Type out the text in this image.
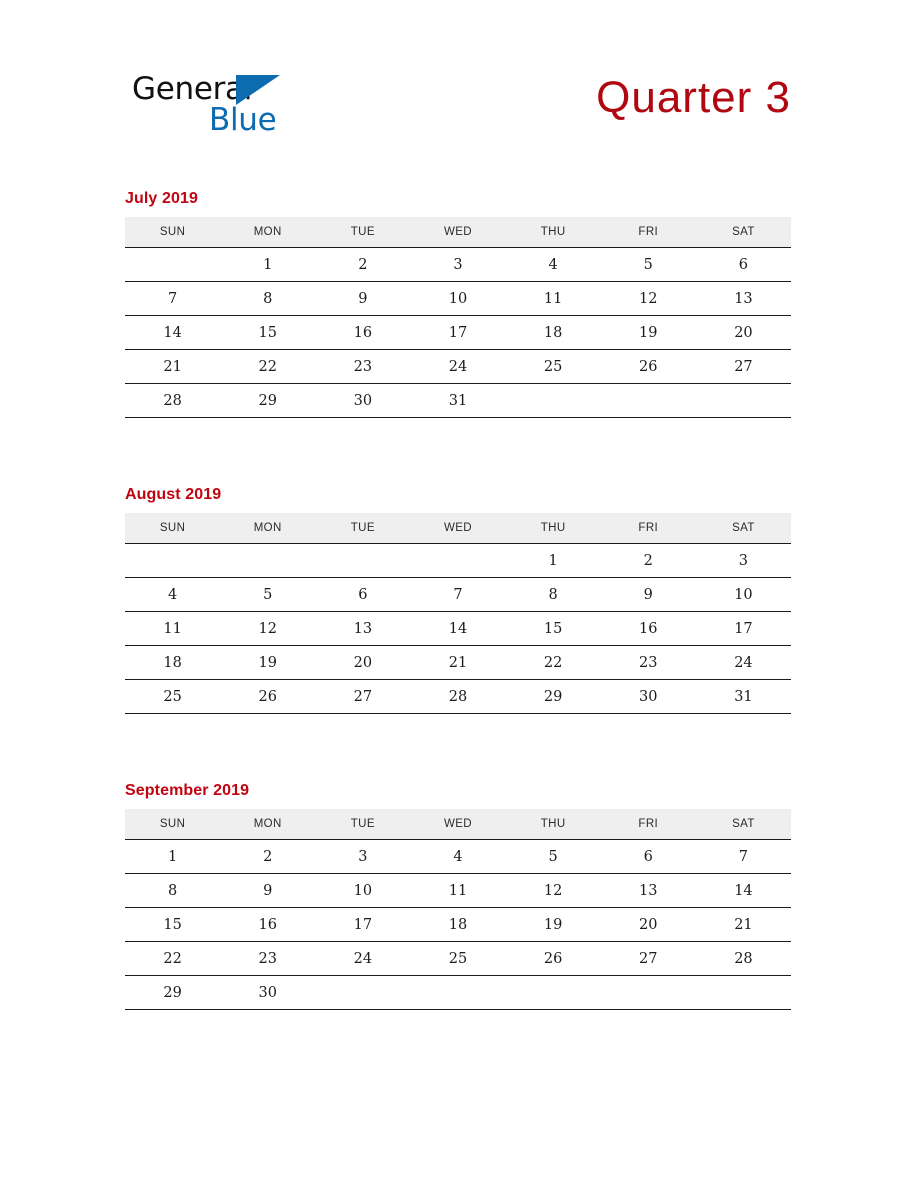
General
Blue	Quarter 3
July 2019
SUN	MON	TUE	WED	THU	FRI	SAT
	1	2	3	4	5	6
7	8	9	10	11	12	13
14	15	16	17	18	19	20
21	22	23	24	25	26	27
28	29	30	31			
August 2019
SUN	MON	TUE	WED	THU	FRI	SAT
				1	2	3
4	5	6	7	8	9	10
11	12	13	14	15	16	17
18	19	20	21	22	23	24
25	26	27	28	29	30	31
September 2019
SUN	MON	TUE	WED	THU	FRI	SAT
1	2	3	4	5	6	7
8	9	10	11	12	13	14
15	16	17	18	19	20	21
22	23	24	25	26	27	28
29	30					
